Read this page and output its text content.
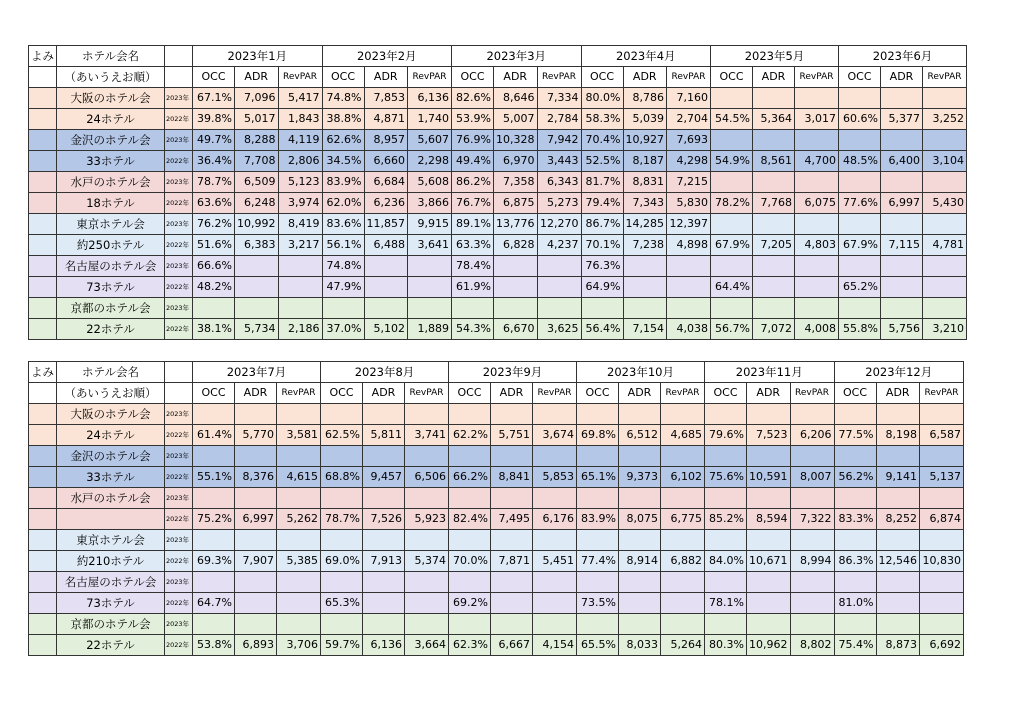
よみ	ホテル会名		2023年1月			2023年2月			2023年3月			2023年4月			2023年5月			2023年6月		
	（あいうえお順）		OCC	ADR	RevPAR	OCC	ADR	RevPAR	OCC	ADR	RevPAR	OCC	ADR	RevPAR	OCC	ADR	RevPAR	OCC	ADR	RevPAR
	大阪のホテル会	2023年	67.1%	7,096	5,417	74.8%	7,853	6,136	82.6%	8,646	7,334	80.0%	8,786	7,160						
	24ホテル	2022年	39.8%	5,017	1,843	38.8%	4,871	1,740	53.9%	5,007	2,784	58.3%	5,039	2,704	54.5%	5,364	3,017	60.6%	5,377	3,252
	金沢のホテル会	2023年	49.7%	8,288	4,119	62.6%	8,957	5,607	76.9%	10,328	7,942	70.4%	10,927	7,693						
	33ホテル	2022年	36.4%	7,708	2,806	34.5%	6,660	2,298	49.4%	6,970	3,443	52.5%	8,187	4,298	54.9%	8,561	4,700	48.5%	6,400	3,104
	水戸のホテル会	2023年	78.7%	6,509	5,123	83.9%	6,684	5,608	86.2%	7,358	6,343	81.7%	8,831	7,215						
	18ホテル	2022年	63.6%	6,248	3,974	62.0%	6,236	3,866	76.7%	6,875	5,273	79.4%	7,343	5,830	78.2%	7,768	6,075	77.6%	6,997	5,430
	東京ホテル会	2023年	76.2%	10,992	8,419	83.6%	11,857	9,915	89.1%	13,776	12,270	86.7%	14,285	12,397						
	約250ホテル	2022年	51.6%	6,383	3,217	56.1%	6,488	3,641	63.3%	6,828	4,237	70.1%	7,238	4,898	67.9%	7,205	4,803	67.9%	7,115	4,781
	名古屋のホテル会	2023年	66.6%			74.8%			78.4%			76.3%								
	73ホテル	2022年	48.2%			47.9%			61.9%			64.9%			64.4%			65.2%		
	京都のホテル会	2023年																		
	22ホテル	2022年	38.1%	5,734	2,186	37.0%	5,102	1,889	54.3%	6,670	3,625	56.4%	7,154	4,038	56.7%	7,072	4,008	55.8%	5,756	3,210
よみ	ホテル会名		2023年7月			2023年8月			2023年9月			2023年10月			2023年11月			2023年12月		
	（あいうえお順）		OCC	ADR	RevPAR	OCC	ADR	RevPAR	OCC	ADR	RevPAR	OCC	ADR	RevPAR	OCC	ADR	RevPAR	OCC	ADR	RevPAR
	大阪のホテル会	2023年																		
	24ホテル	2022年	61.4%	5,770	3,581	62.5%	5,811	3,741	62.2%	5,751	3,674	69.8%	6,512	4,685	79.6%	7,523	6,206	77.5%	8,198	6,587
	金沢のホテル会	2023年																		
	33ホテル	2022年	55.1%	8,376	4,615	68.8%	9,457	6,506	66.2%	8,841	5,853	65.1%	9,373	6,102	75.6%	10,591	8,007	56.2%	9,141	5,137
	水戸のホテル会	2023年																		
		2022年	75.2%	6,997	5,262	78.7%	7,526	5,923	82.4%	7,495	6,176	83.9%	8,075	6,775	85.2%	8,594	7,322	83.3%	8,252	6,874
	東京ホテル会	2023年																		
	約210ホテル	2022年	69.3%	7,907	5,385	69.0%	7,913	5,374	70.0%	7,871	5,451	77.4%	8,914	6,882	84.0%	10,671	8,994	86.3%	12,546	10,830
	名古屋のホテル会	2023年																		
	73ホテル	2022年	64.7%			65.3%			69.2%			73.5%			78.1%			81.0%		
	京都のホテル会	2023年																		
	22ホテル	2022年	53.8%	6,893	3,706	59.7%	6,136	3,664	62.3%	6,667	4,154	65.5%	8,033	5,264	80.3%	10,962	8,802	75.4%	8,873	6,692
